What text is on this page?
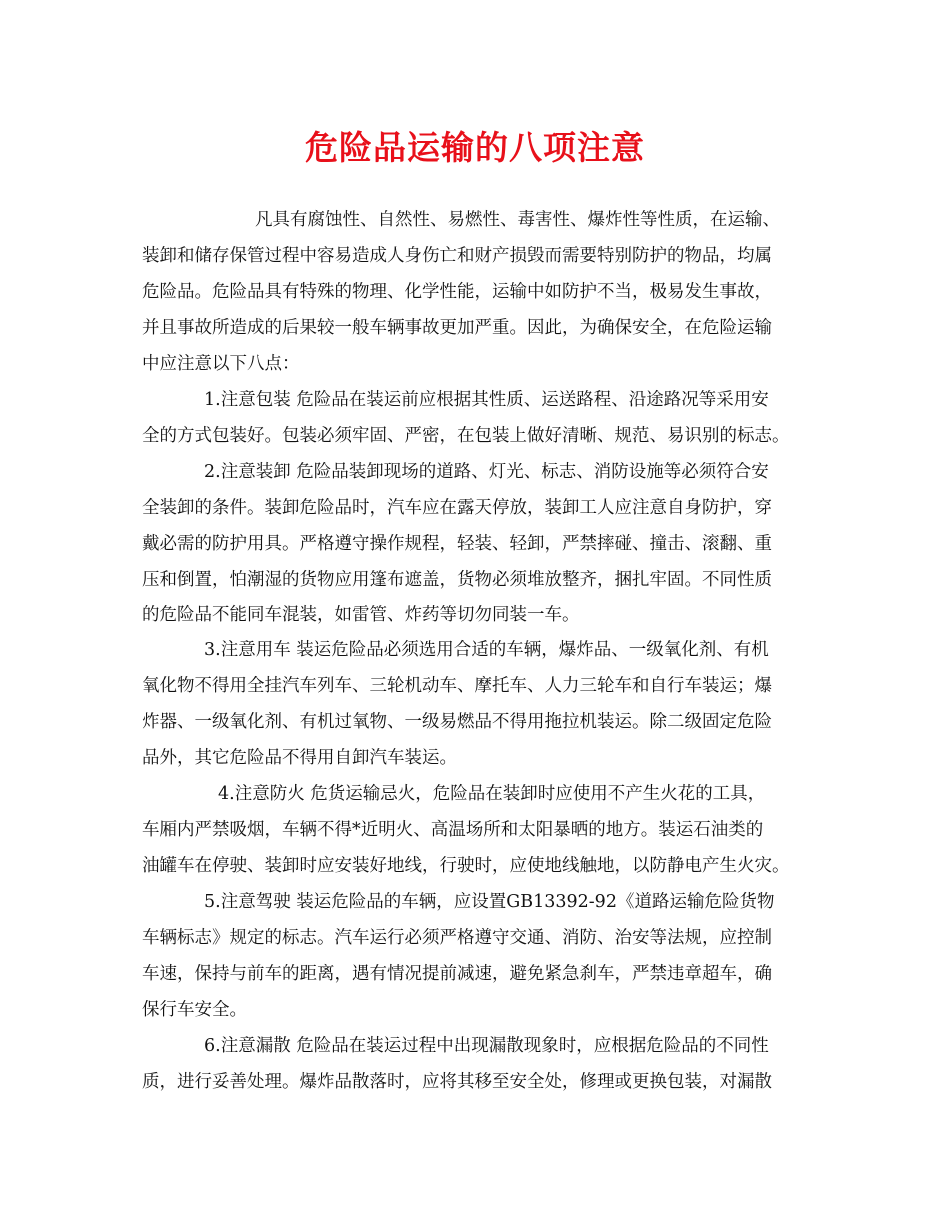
危险品运输的八项注意
凡具有腐蚀性、自然性、易燃性、毒害性、爆炸性等性质，在运输、
装卸和储存保管过程中容易造成人身伤亡和财产损毁而需要特别防护的物品，均属
危险品。危险品具有特殊的物理、化学性能，运输中如防护不当，极易发生事故，
并且事故所造成的后果较一般车辆事故更加严重。因此，为确保安全，在危险运输
中应注意以下八点：
1.注意包装 危险品在装运前应根据其性质、运送路程、沿途路况等采用安
全的方式包装好。包装必须牢固、严密，在包装上做好清晰、规范、易识别的标志。
2.注意装卸 危险品装卸现场的道路、灯光、标志、消防设施等必须符合安
全装卸的条件。装卸危险品时，汽车应在露天停放，装卸工人应注意自身防护，穿
戴必需的防护用具。严格遵守操作规程，轻装、轻卸，严禁摔碰、撞击、滚翻、重
压和倒置，怕潮湿的货物应用篷布遮盖，货物必须堆放整齐，捆扎牢固。不同性质
的危险品不能同车混装，如雷管、炸药等切勿同装一车。
3.注意用车 装运危险品必须选用合适的车辆，爆炸品、一级氧化剂、有机
氧化物不得用全挂汽车列车、三轮机动车、摩托车、人力三轮车和自行车装运；爆
炸器、一级氧化剂、有机过氧物、一级易燃品不得用拖拉机装运。除二级固定危险
品外，其它危险品不得用自卸汽车装运。
4.注意防火 危货运输忌火，危险品在装卸时应使用不产生火花的工具，
车厢内严禁吸烟，车辆不得*近明火、高温场所和太阳暴晒的地方。装运石油类的
油罐车在停驶、装卸时应安装好地线，行驶时，应使地线触地，以防静电产生火灾。
5.注意驾驶 装运危险品的车辆，应设置GB13392-92《道路运输危险货物
车辆标志》规定的标志。汽车运行必须严格遵守交通、消防、治安等法规，应控制
车速，保持与前车的距离，遇有情况提前减速，避免紧急刹车，严禁违章超车，确
保行车安全。
6.注意漏散 危险品在装运过程中出现漏散现象时，应根据危险品的不同性
质，进行妥善处理。爆炸品散落时，应将其移至安全处，修理或更换包装，对漏散
